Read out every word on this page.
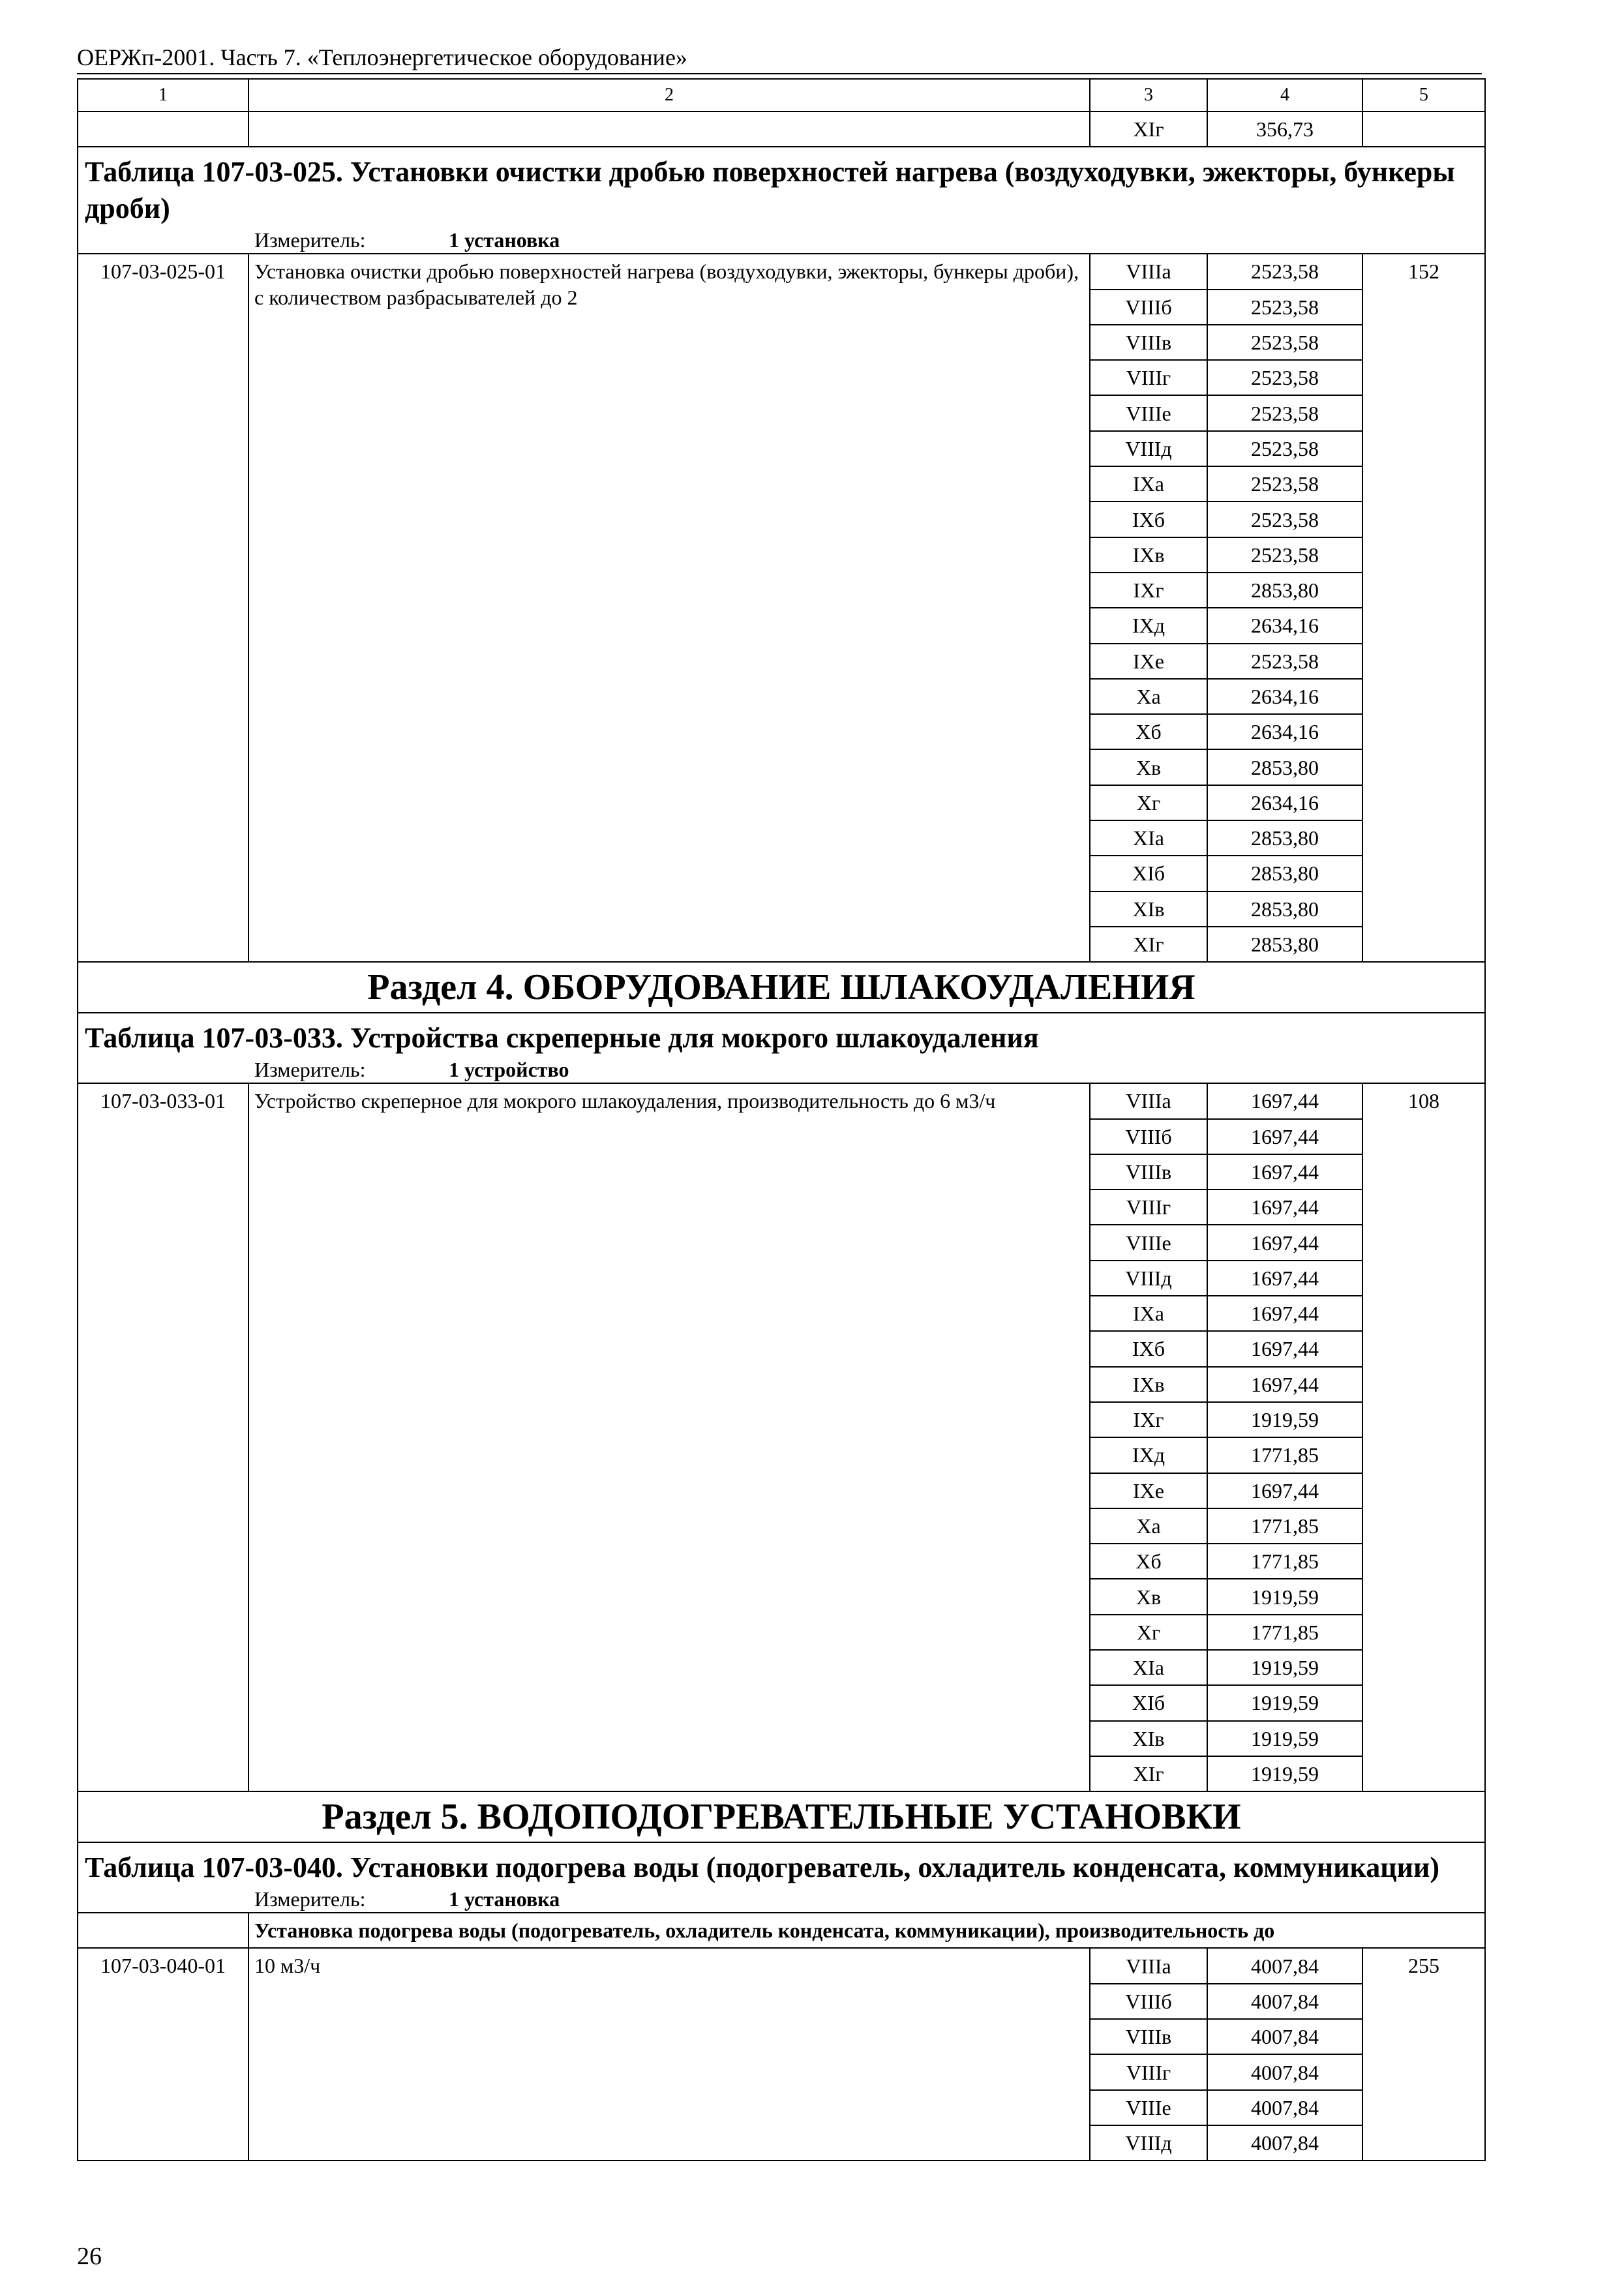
ОЕРЖп-2001. Часть 7. «Теплоэнергетическое оборудование»
1	2	3	4	5
		XIг	356,73	
Таблица 107-03-025. Установки очистки дробью поверхностей нагрева (воздуходувки, эжекторы, бункеры дроби)				
Измеритель: 1 установка				
107-03-025-01	Установка очистки дробью поверхностей нагрева (воздуходувки, эжекторы, бункеры дроби), с количеством разбрасывателей до 2	VIIIa	2523,58	152
		VIIIб	2523,58	
		VIIIв	2523,58	
		VIIIг	2523,58	
		VIIIe	2523,58	
		VIIIд	2523,58	
		IXa	2523,58	
		IXб	2523,58	
		IXв	2523,58	
		IXг	2853,80	
		IXд	2634,16	
		IXe	2523,58	
		Xa	2634,16	
		Xб	2634,16	
		Xв	2853,80	
		Xг	2634,16	
		XIa	2853,80	
		XIб	2853,80	
		XIв	2853,80	
		XIг	2853,80	
Раздел 4. ОБОРУДОВАНИЕ ШЛАКОУДАЛЕНИЯ				
Таблица 107-03-033. Устройства скреперные для мокрого шлакоудаления				
Измеритель: 1 устройство				
107-03-033-01	Устройство скреперное для мокрого шлакоудаления, производительность до 6 м3/ч	VIIIa	1697,44	108
		VIIIб	1697,44	
		VIIIв	1697,44	
		VIIIг	1697,44	
		VIIIe	1697,44	
		VIIIд	1697,44	
		IXa	1697,44	
		IXб	1697,44	
		IXв	1697,44	
		IXг	1919,59	
		IXд	1771,85	
		IXe	1697,44	
		Xa	1771,85	
		Xб	1771,85	
		Xв	1919,59	
		Xг	1771,85	
		XIa	1919,59	
		XIб	1919,59	
		XIв	1919,59	
		XIг	1919,59	
Раздел 5. ВОДОПОДОГРЕВАТЕЛЬНЫЕ УСТАНОВКИ				
Таблица 107-03-040. Установки подогрева воды (подогреватель, охладитель конденсата, коммуникации)				
Измеритель: 1 установка				
	Установка подогрева воды (подогреватель, охладитель конденсата, коммуникации), производительность до			
107-03-040-01	10 м3/ч	VIIIa	4007,84	255
		VIIIб	4007,84	
		VIIIв	4007,84	
		VIIIг	4007,84	
		VIIIe	4007,84	
		VIIIд	4007,84	
26
